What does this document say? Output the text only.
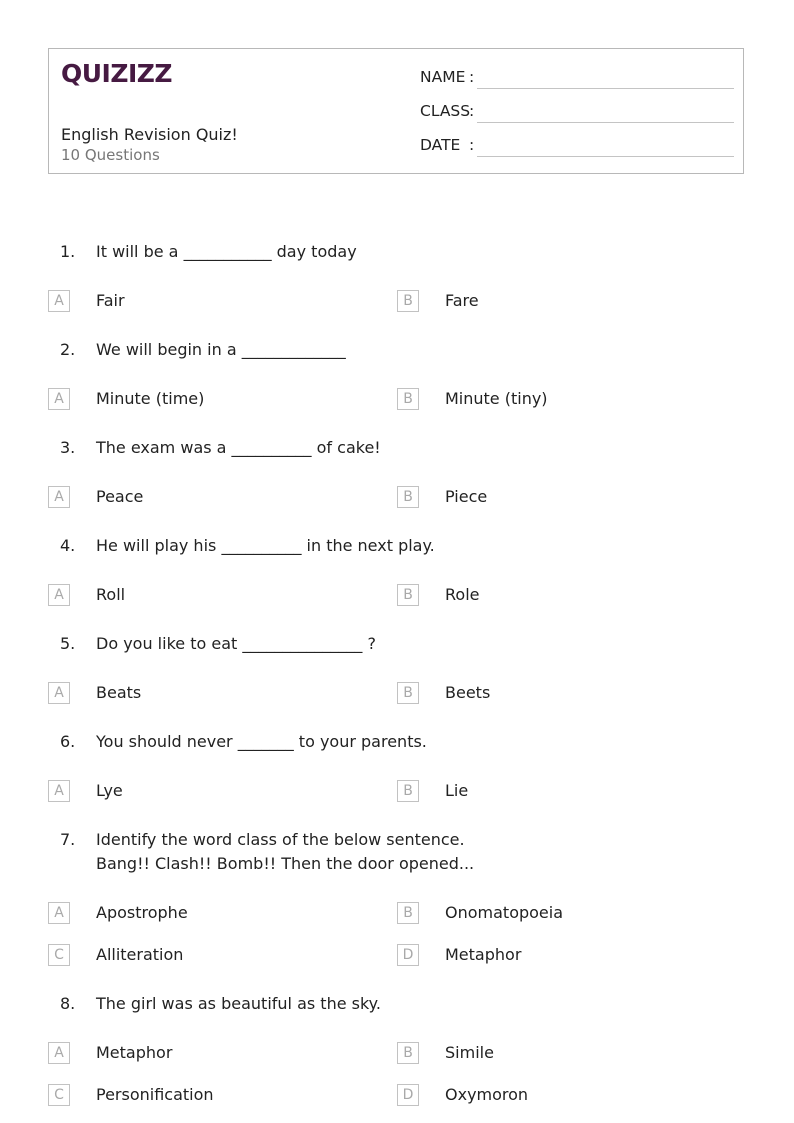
QUIZIZZ
English Revision Quiz!
10 Questions
NAME :
CLASS
:
DATE :
1.	It will be a ___________ day today
A	Fair	B	Fare
2.	We will begin in a _____________
A	Minute (time)	B	Minute (tiny)
3.	The exam was a __________ of cake!
A	Peace	B	Piece
4.	He will play his __________ in the next play.
A	Roll	B	Role
5.	Do you like to eat _______________ ?
A	Beats	B	Beets
6.	You should never _______ to your parents.
A	Lye	B	Lie
7.	Identify the word class of the below sentence.
Bang!! Clash!! Bomb!! Then the door opened...
A	Apostrophe	B	Onomatopoeia
C	Alliteration	D	Metaphor
8.	The girl was as beautiful as the sky.
A	Metaphor	B	Simile
C	Personification	D	Oxymoron
